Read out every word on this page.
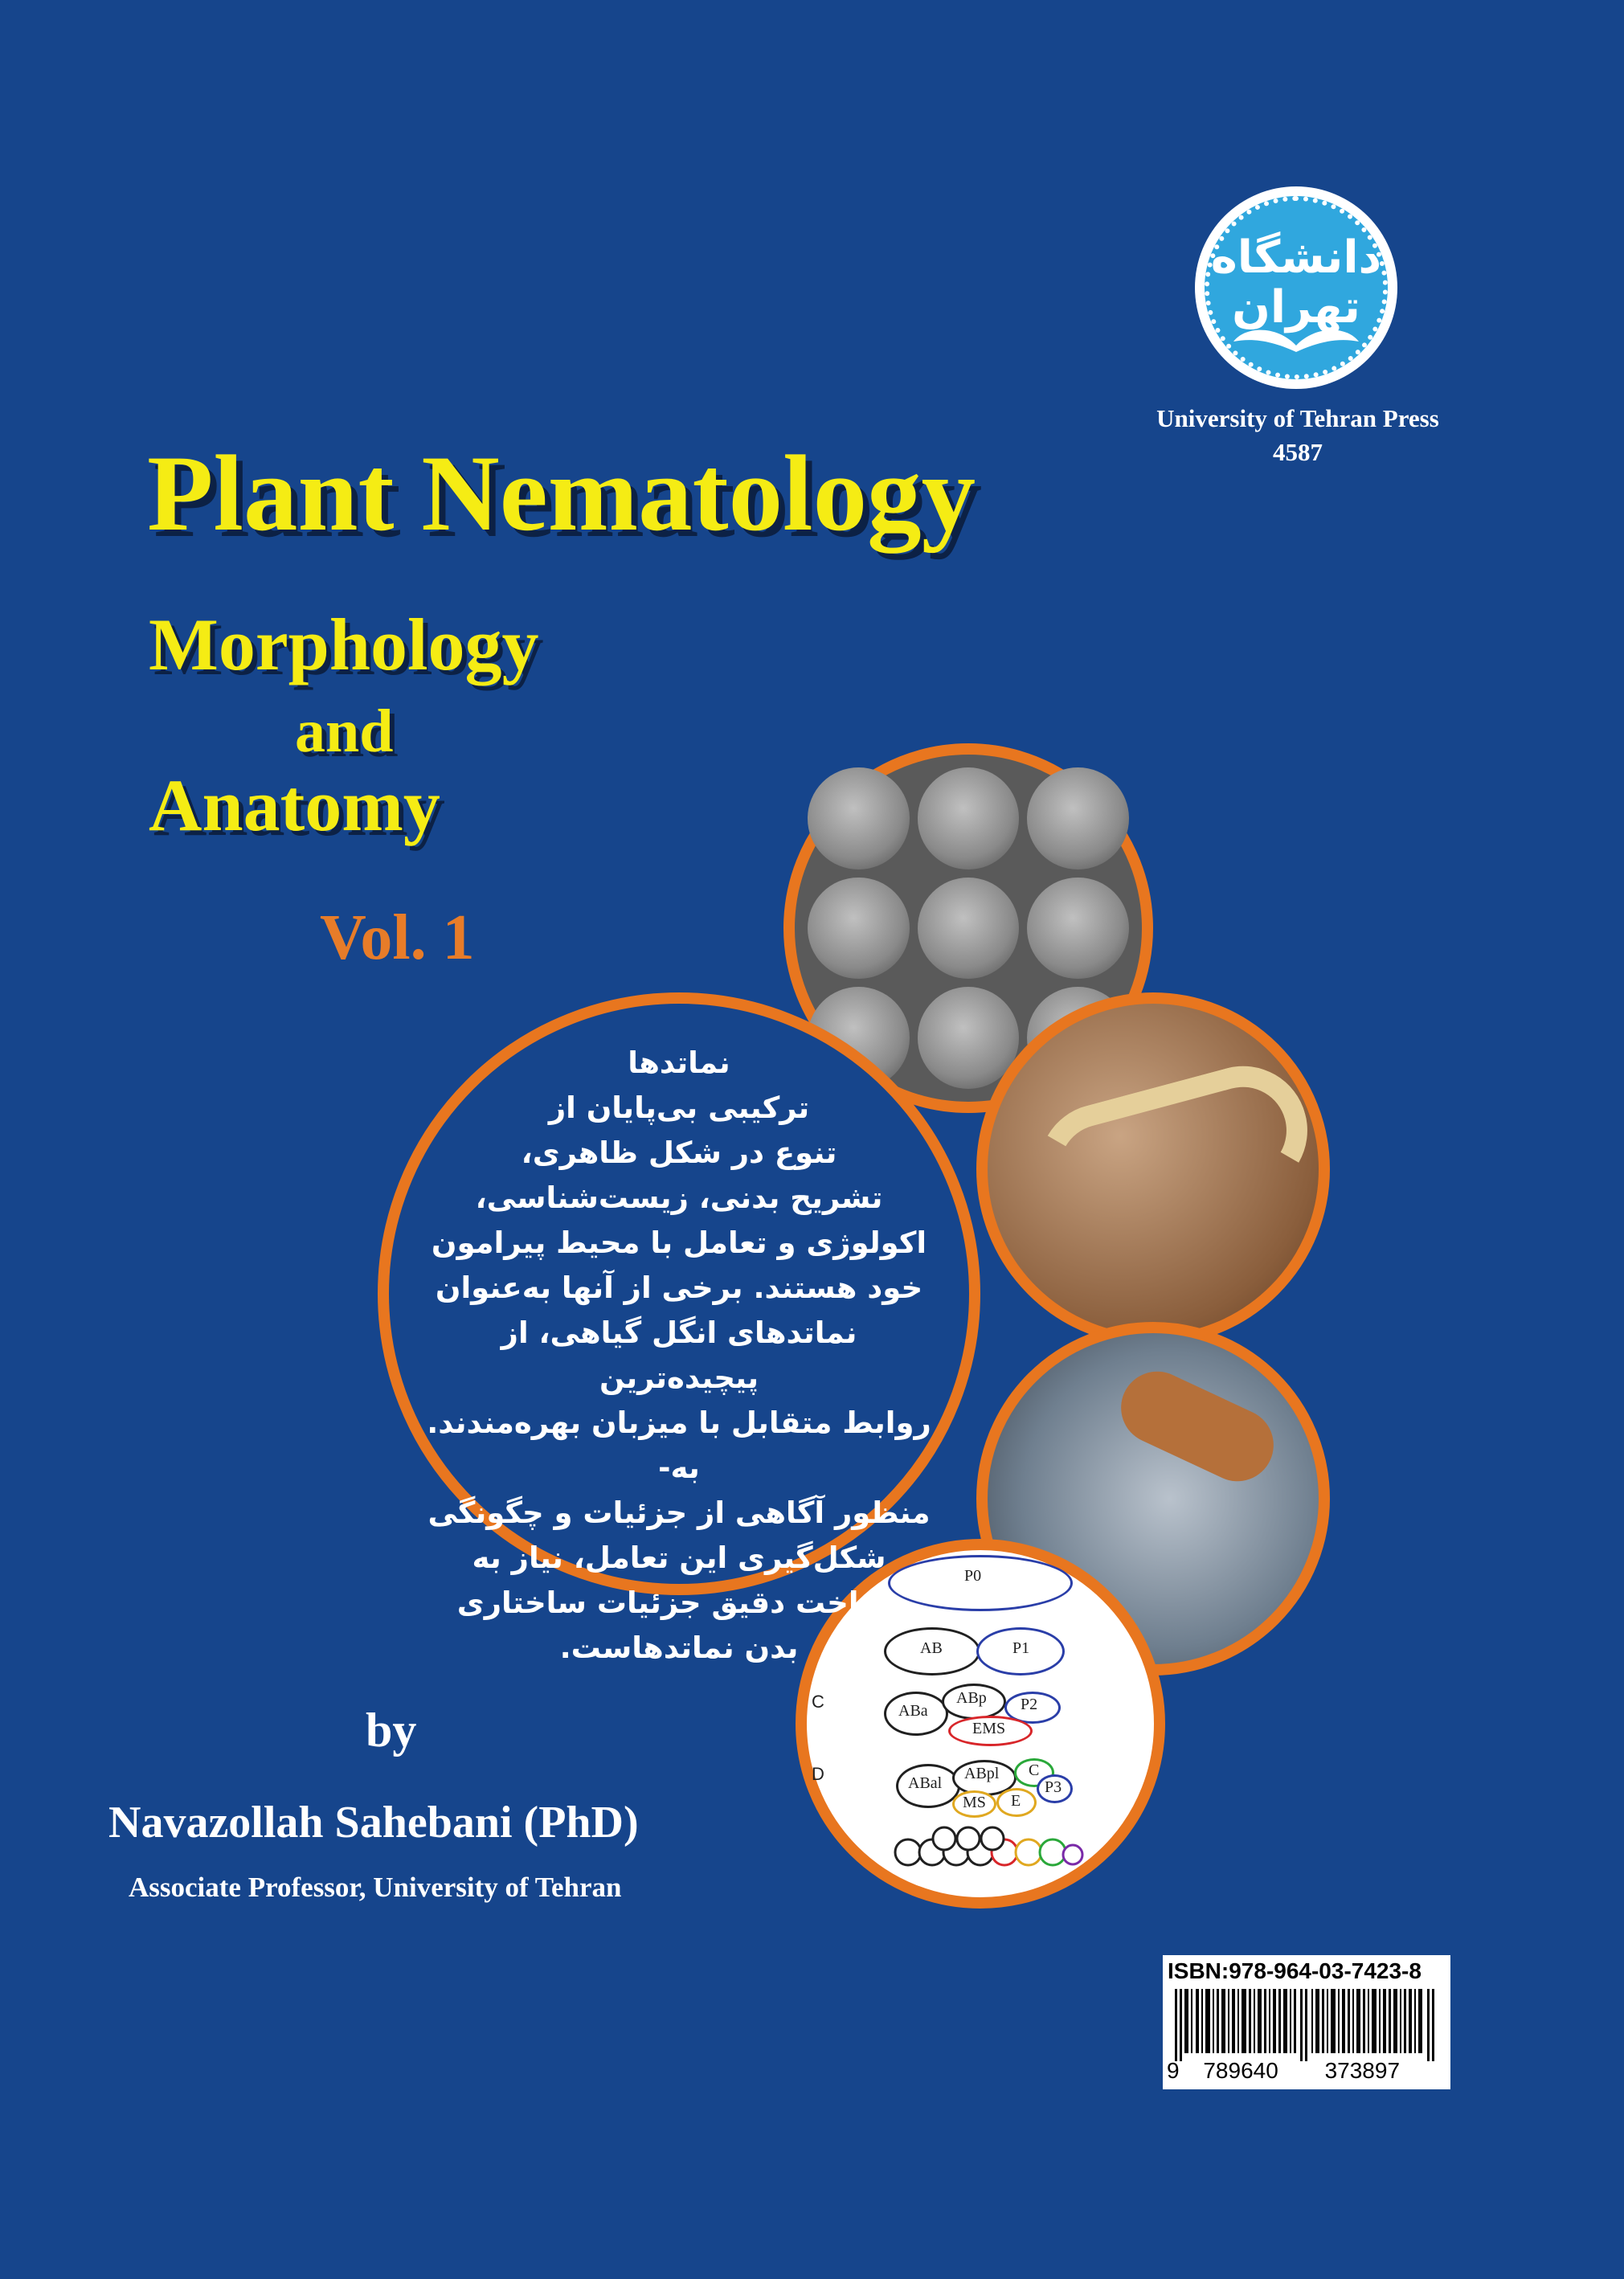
دانشگاه تهران
University of Tehran Press
4587
Plant Nematology
Morphology
and
Anatomy
Vol. 1
P0
AB	P1
C	ABa
ABp P2
EMS
D	ABal
ABpl C
P3
MS E
نماتدها
ترکیبی بی‌پایان از
تنوع در شکل ظاهری،
تشریح بدنی، زیست‌شناسی،
اکولوژی و تعامل با محیط پیرامون
خود هستند. برخی از آنها به‌عنوان
نماتدهای انگل گیاهی، از پیچیده‌ترین
روابط متقابل با میزبان بهره‌مندند. به-
منظور آگاهی از جزئیات و چگونگی
شکل‌گیری این تعامل، نیاز به
شناخت دقیق جزئیات ساختاری
بدن نماتدهاست.
by
Navazollah Sahebani (PhD)
Associate Professor, University of Tehran
ISBN:978-964-03-7423-8
9 789640 373897
